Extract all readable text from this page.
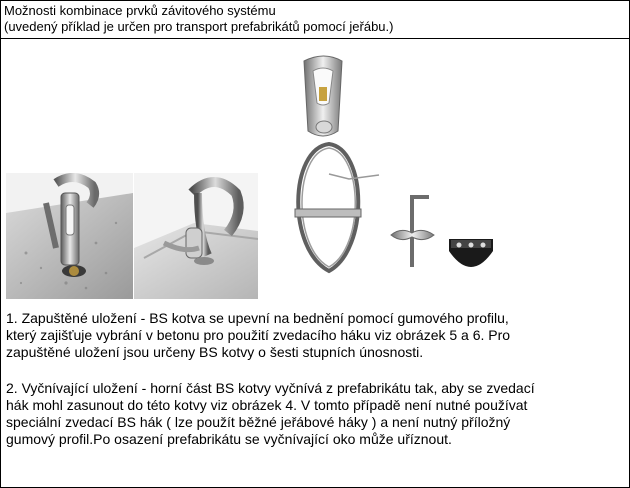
Možnosti kombinace prvků závitového systému
(uvedený příklad je určen pro transport prefabrikátů pomocí jeřábu.)
1. Zapuštěné uložení - BS kotva se upevní na bednění pomocí gumového profilu,
který zajišťuje vybrání v betonu pro použití zvedacího háku viz obrázek 5 a 6. Pro
zapuštěné uložení jsou určeny BS kotvy o šesti stupních únosnosti.
2. Vyčnívající uložení - horní část BS kotvy vyčnívá z prefabrikátu tak, aby se zvedací
hák mohl zasunout do této kotvy viz obrázek 4. V tomto případě není nutné používat
speciální zvedací BS hák ( lze použít běžné jeřábové háky ) a není nutný příložný
gumový profil.Po osazení prefabrikátu se vyčnívající oko může uříznout.
